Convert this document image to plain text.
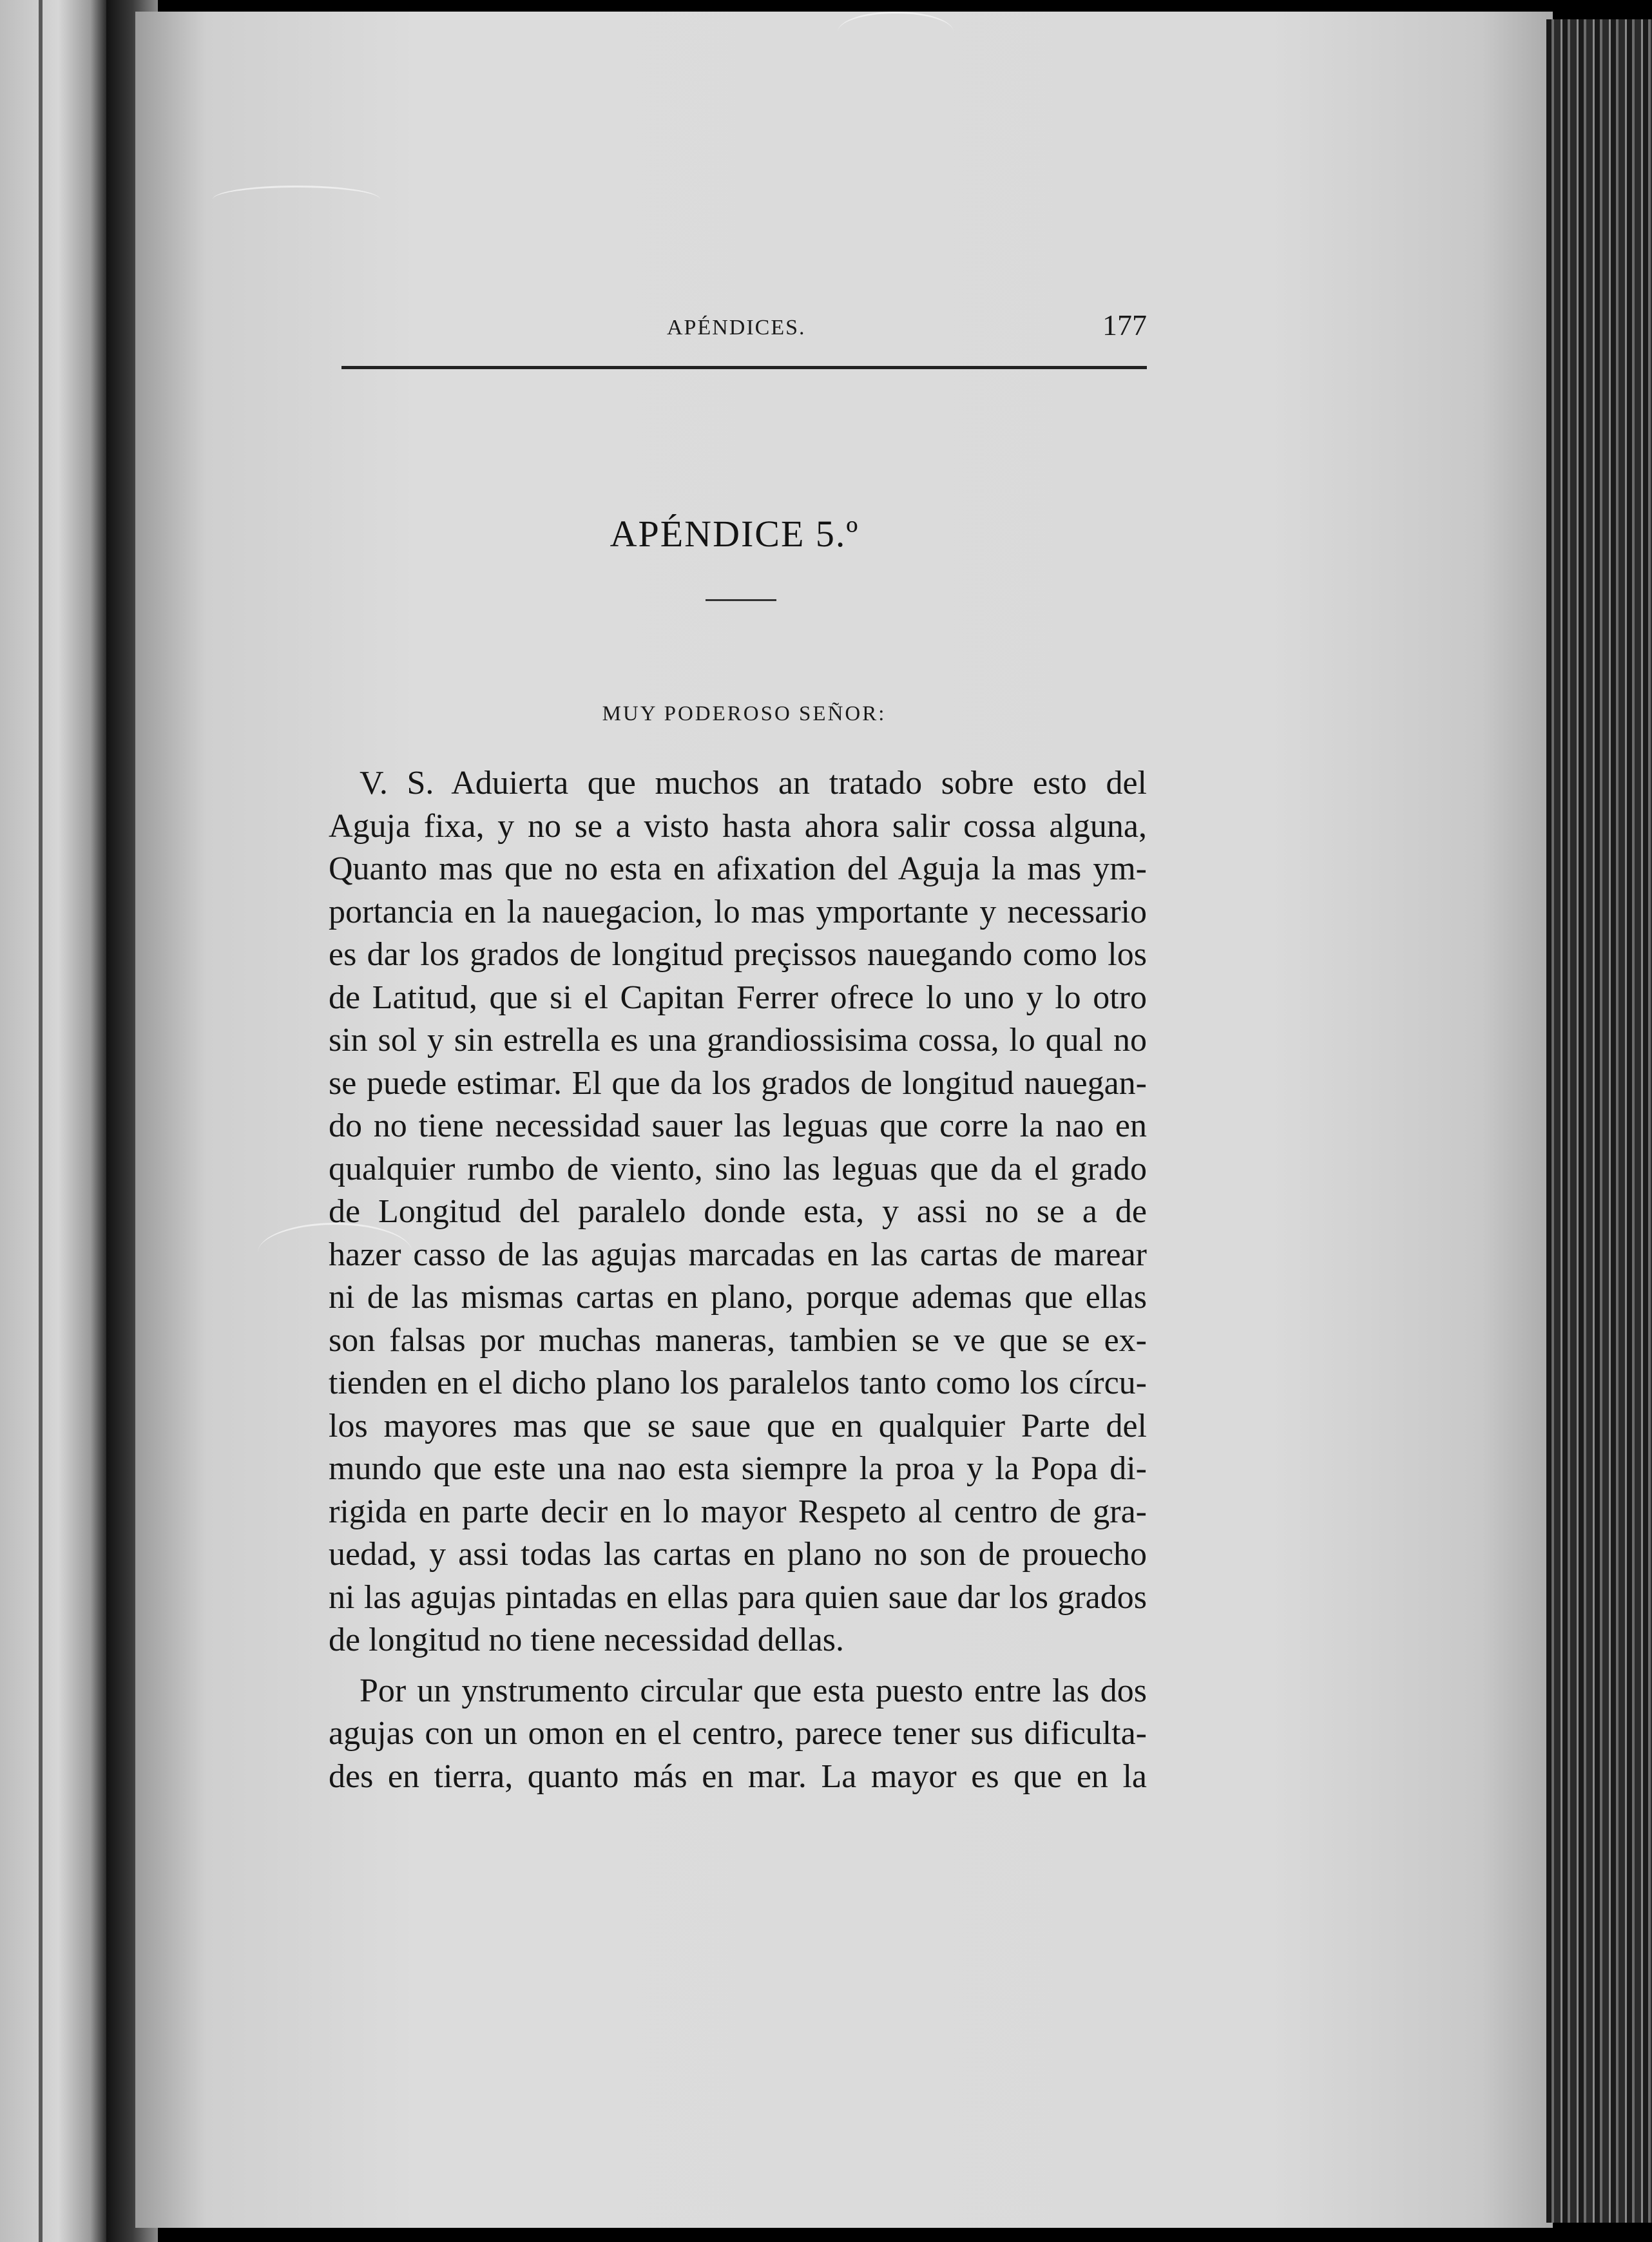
APÉNDICES.	177
APÉNDICE 5.º
MUY PODEROSO SEÑOR:
V. S. Aduierta que muchos an tratado sobre esto del
Aguja fixa, y no se a visto hasta ahora salir cossa alguna,
Quanto mas que no esta en afixation del Aguja la mas ym-
portancia en la nauegacion, lo mas ymportante y necessario
es dar los grados de longitud preçissos nauegando como los
de Latitud, que si el Capitan Ferrer ofrece lo uno y lo otro
sin sol y sin estrella es una grandiossisima cossa, lo qual no
se puede estimar. El que da los grados de longitud nauegan-
do no tiene necessidad sauer las leguas que corre la nao en
qualquier rumbo de viento, sino las leguas que da el grado
de Longitud del paralelo donde esta, y assi no se a de
hazer casso de las agujas marcadas en las cartas de marear
ni de las mismas cartas en plano, porque ademas que ellas
son falsas por muchas maneras, tambien se ve que se ex-
tienden en el dicho plano los paralelos tanto como los círcu-
los mayores mas que se saue que en qualquier Parte del
mundo que este una nao esta siempre la proa y la Popa di-
rigida en parte decir en lo mayor Respeto al centro de gra-
uedad, y assi todas las cartas en plano no son de prouecho
ni las agujas pintadas en ellas para quien saue dar los grados
de longitud no tiene necessidad dellas.
Por un ynstrumento circular que esta puesto entre las dos
agujas con un omon en el centro, parece tener sus dificulta-
des en tierra, quanto más en mar. La mayor es que en la
